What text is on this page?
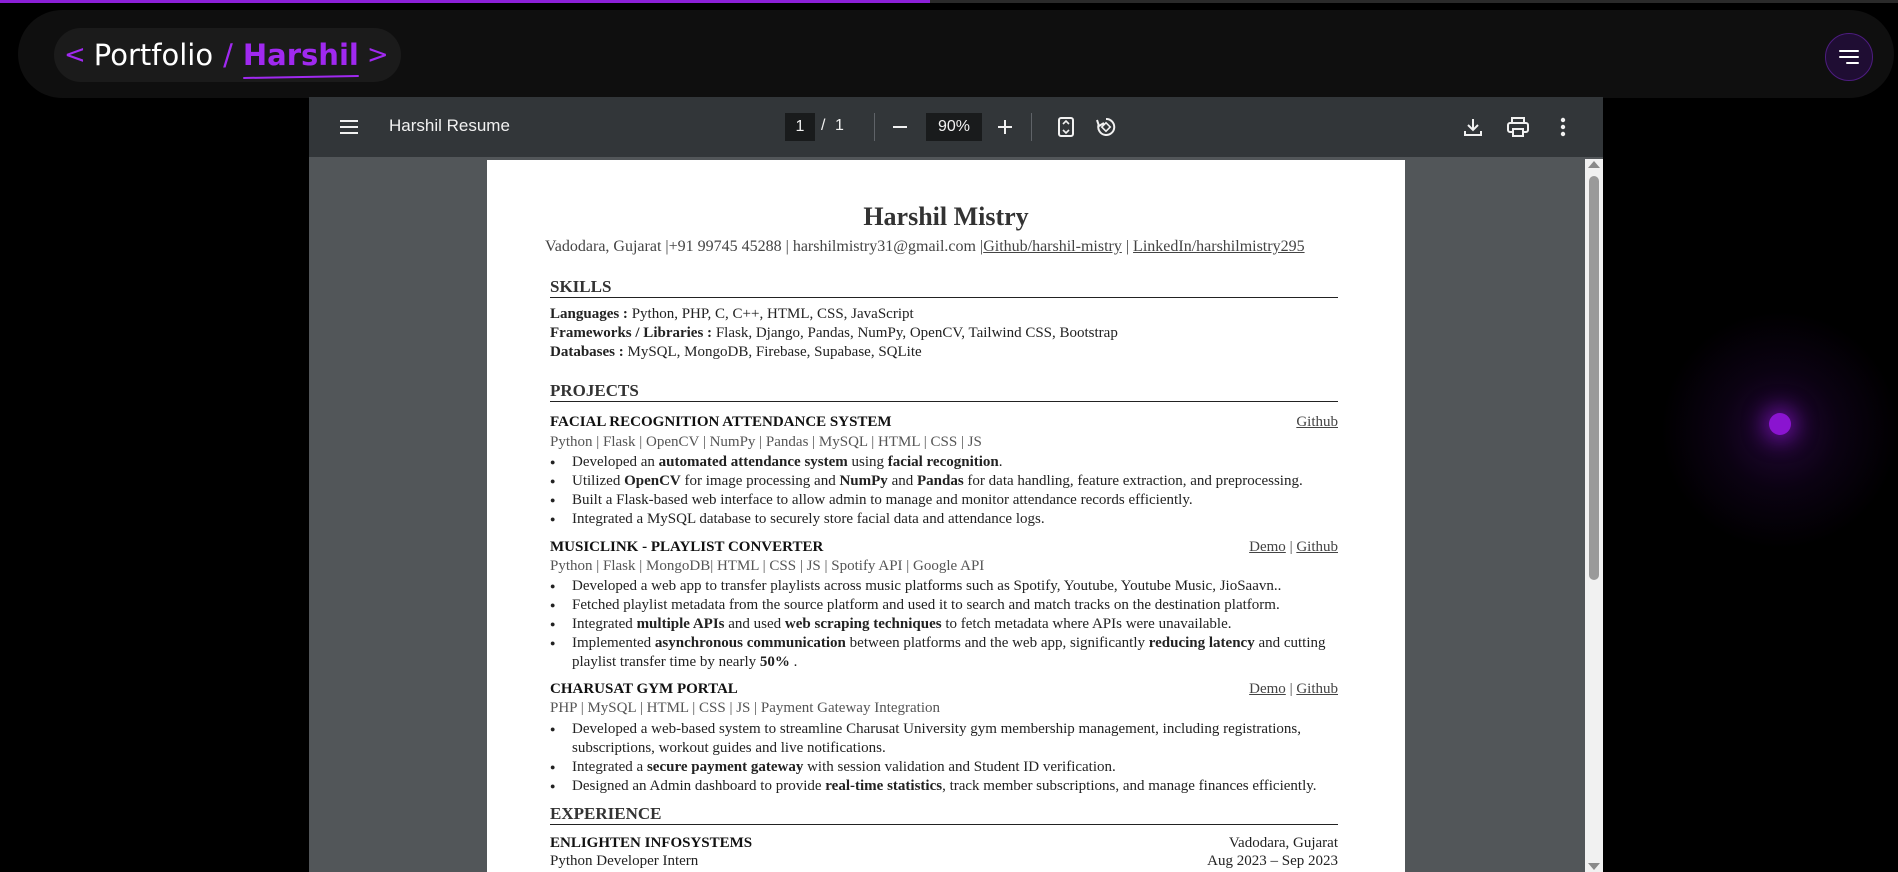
< Portfolio / Harshil >
Harshil Resume	1	/ 1	90%
Harshil Mistry
Vadodara, Gujarat |+91 99745 45288 | harshilmistry31@gmail.com |Github/harshil-mistry | LinkedIn/harshilmistry295
SKILLS
Languages : Python, PHP, C, C++, HTML, CSS, JavaScript
Frameworks / Libraries : Flask, Django, Pandas, NumPy, OpenCV, Tailwind CSS, Bootstrap
Databases : MySQL, MongoDB, Firebase, Supabase, SQLite
PROJECTS
FACIAL RECOGNITION ATTENDANCE SYSTEM	Github
Python | Flask | OpenCV | NumPy | Pandas | MySQL | HTML | CSS | JS
● Developed an automated attendance system using facial recognition.
● Utilized OpenCV for image processing and NumPy and Pandas for data handling, feature extraction, and preprocessing.
● Built a Flask-based web interface to allow admin to manage and monitor attendance records efficiently.
● Integrated a MySQL database to securely store facial data and attendance logs.
MUSICLINK - PLAYLIST CONVERTER	Demo | Github
Python | Flask | MongoDB| HTML | CSS | JS | Spotify API | Google API
● Developed a web app to transfer playlists across music platforms such as Spotify, Youtube, Youtube Music, JioSaavn..
● Fetched playlist metadata from the source platform and used it to search and match tracks on the destination platform.
● Integrated multiple APIs and used web scraping techniques to fetch metadata where APIs were unavailable.
● Implemented asynchronous communication between platforms and the web app, significantly reducing latency and cutting playlist transfer time by nearly 50% .
CHARUSAT GYM PORTAL	Demo | Github
PHP | MySQL | HTML | CSS | JS | Payment Gateway Integration
● Developed a web-based system to streamline Charusat University gym membership management, including registrations, subscriptions, workout guides and live notifications.
● Integrated a secure payment gateway with session validation and Student ID verification.
● Designed an Admin dashboard to provide real-time statistics, track member subscriptions, and manage finances efficiently.
EXPERIENCE
ENLIGHTEN INFOSYSTEMS	Vadodara, Gujarat
Python Developer Intern	Aug 2023 – Sep 2023
